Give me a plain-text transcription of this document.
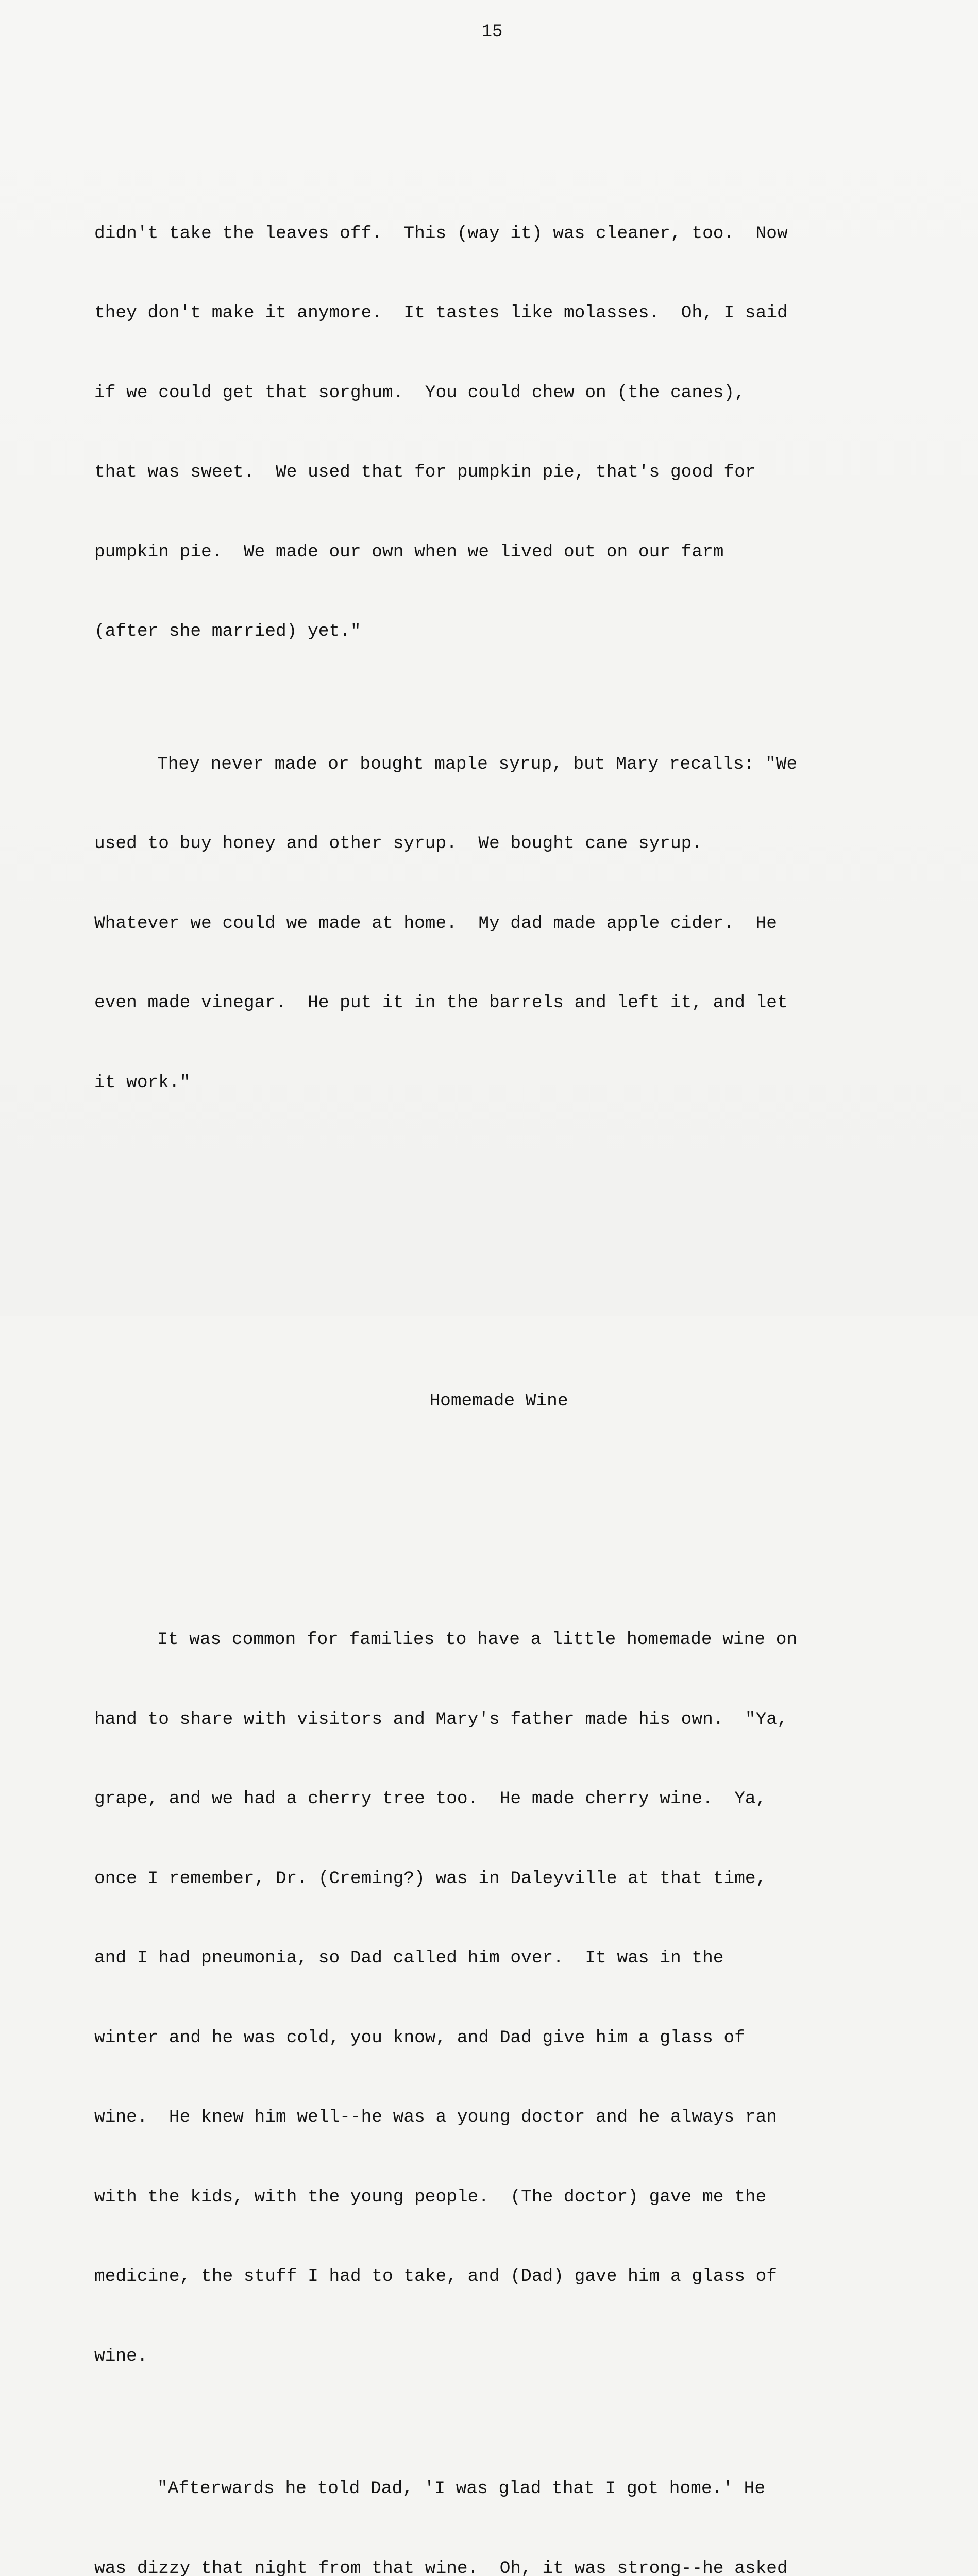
15

didn't take the leaves off.  This (way it) was cleaner, too.  Now

they don't make it anymore.  It tastes like molasses.  Oh, I said

if we could get that sorghum.  You could chew on (the canes),

that was sweet.  We used that for pumpkin pie, that's good for

pumpkin pie.  We made our own when we lived out on our farm

(after she married) yet."

They never made or bought maple syrup, but Mary recalls: "We

used to buy honey and other syrup.  We bought cane syrup.

Whatever we could we made at home.  My dad made apple cider.  He

even made vinegar.  He put it in the barrels and left it, and let

it work."

Homemade Wine

It was common for families to have a little homemade wine on

hand to share with visitors and Mary's father made his own.  "Ya,

grape, and we had a cherry tree too.  He made cherry wine.  Ya,

once I remember, Dr. (Creming?) was in Daleyville at that time,

and I had pneumonia, so Dad called him over.  It was in the

winter and he was cold, you know, and Dad give him a glass of

wine.  He knew him well--he was a young doctor and he always ran

with the kids, with the young people.  (The doctor) gave me the

medicine, the stuff I had to take, and (Dad) gave him a glass of

wine.

"Afterwards he told Dad, 'I was glad that I got home.' He

was dizzy that night from that wine.  Oh, it was strong--he asked
